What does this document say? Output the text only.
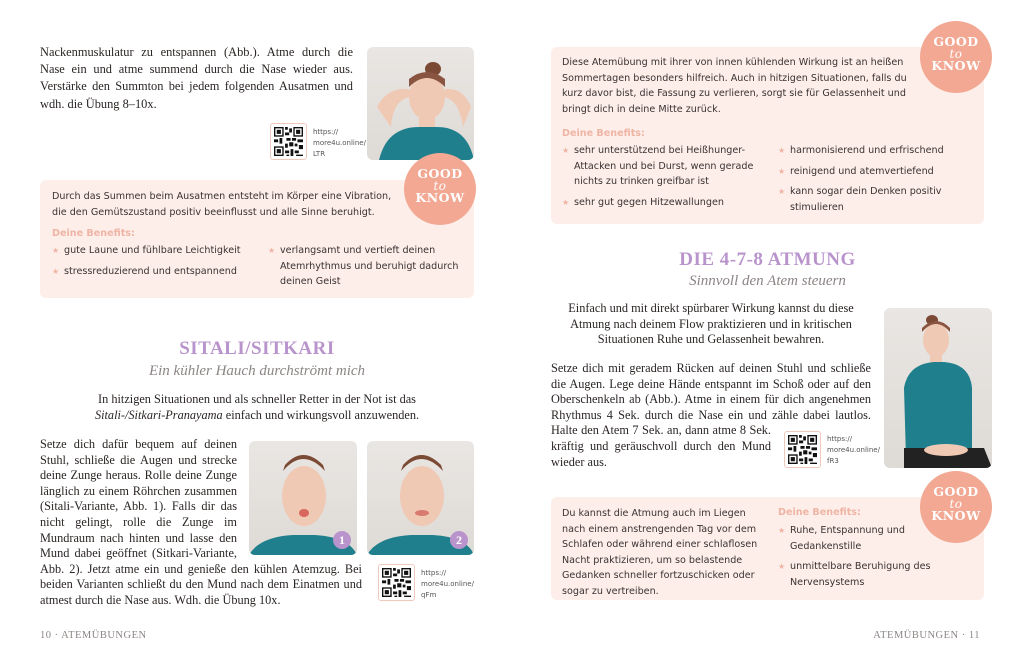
Nackenmuskulatur zu entspannen (Abb.). Atme durch die Nase ein und atme summend durch die Nase wieder aus. Verstärke den Summton bei jedem folgenden Ausatmen und wdh. die Übung 8–10x.

https://
more4u.online/
LTR

Durch das Summen beim Ausatmen entsteht im Körper eine Vibration, die den Gemütszustand positiv beeinflusst und alle Sinne beruhigt.

Deine Benefits:
★ gute Laune und fühlbare Leichtigkeit
★ stressreduzierend und entspannend
★ verlangsamt und vertieft deinen Atemrhythmus und beruhigt dadurch deinen Geist
GOOD
to
KNOW
SITALI/SITKARI
Ein kühler Hauch durchströmt mich
In hitzigen Situationen und als schneller Retter in der Not ist das
Sitali-/Sitkari-Pranayama einfach und wirkungsvoll anzuwenden.
Setze dich dafür bequem auf deinen Stuhl, schließe die Augen und strecke deine Zunge heraus. Rolle deine Zunge länglich zu einem Röhrchen zusammen (Sitali-Variante, Abb. 1). Falls dir das nicht gelingt, rolle die Zunge im Mundraum nach hinten und lasse den Mund dabei geöffnet (Sitkari-Variante, Abb. 2). Jetzt atme ein und genieße den kühlen Atemzug. Bei beiden Varianten schließt du den Mund nach dem Einatmen und atmest durch die Nase aus. Wdh. die Übung 10x.
1	2
https://
more4u.online/
qFm
10 · ATEMÜBUNGEN

Diese Atemübung mit ihrer von innen kühlenden Wirkung ist an heißen Sommertagen besonders hilfreich. Auch in hitzigen Situationen, falls du kurz davor bist, die Fassung zu verlieren, sorgt sie für Gelassenheit und bringt dich in deine Mitte zurück.

Deine Benefits:
★ sehr unterstützend bei Heißhunger-Attacken und bei Durst, wenn gerade nichts zu trinken greifbar ist
★ sehr gut gegen Hitzewallungen
★ harmonisierend und erfrischend
★ reinigend und atemvertiefend
★ kann sogar dein Denken positiv stimulieren
GOOD
to
KNOW
DIE 4-7-8 ATMUNG
Sinnvoll den Atem steuern

Einfach und mit direkt spürbarer Wirkung kannst du diese Atmung nach deinem Flow praktizieren und in kritischen Situationen Ruhe und Gelassenheit bewahren.

Setze dich mit geradem Rücken auf deinen Stuhl und schließe die Augen. Lege deine Hände entspannt im Schoß oder auf den Oberschenkeln ab (Abb.). Atme in einem für dich angenehmen Rhythmus 4 Sek. durch die Nase ein und zähle dabei lautlos. Halte den Atem 7 Sek. an, dann atme 8 Sek. kräftig und geräuschvoll durch den Mund wieder aus.
https://
more4u.online/
fR3

Du kannst die Atmung auch im Liegen nach einem anstrengenden Tag vor dem Schlafen oder während einer schlaflosen Nacht praktizieren, um so belastende Gedanken schneller fortzuschicken oder sogar zu vertreiben.

Deine Benefits:
★ Ruhe, Entspannung und Gedankenstille
★ unmittelbare Beruhigung des Nervensystems
GOOD
to
KNOW
ATEMÜBUNGEN · 11
